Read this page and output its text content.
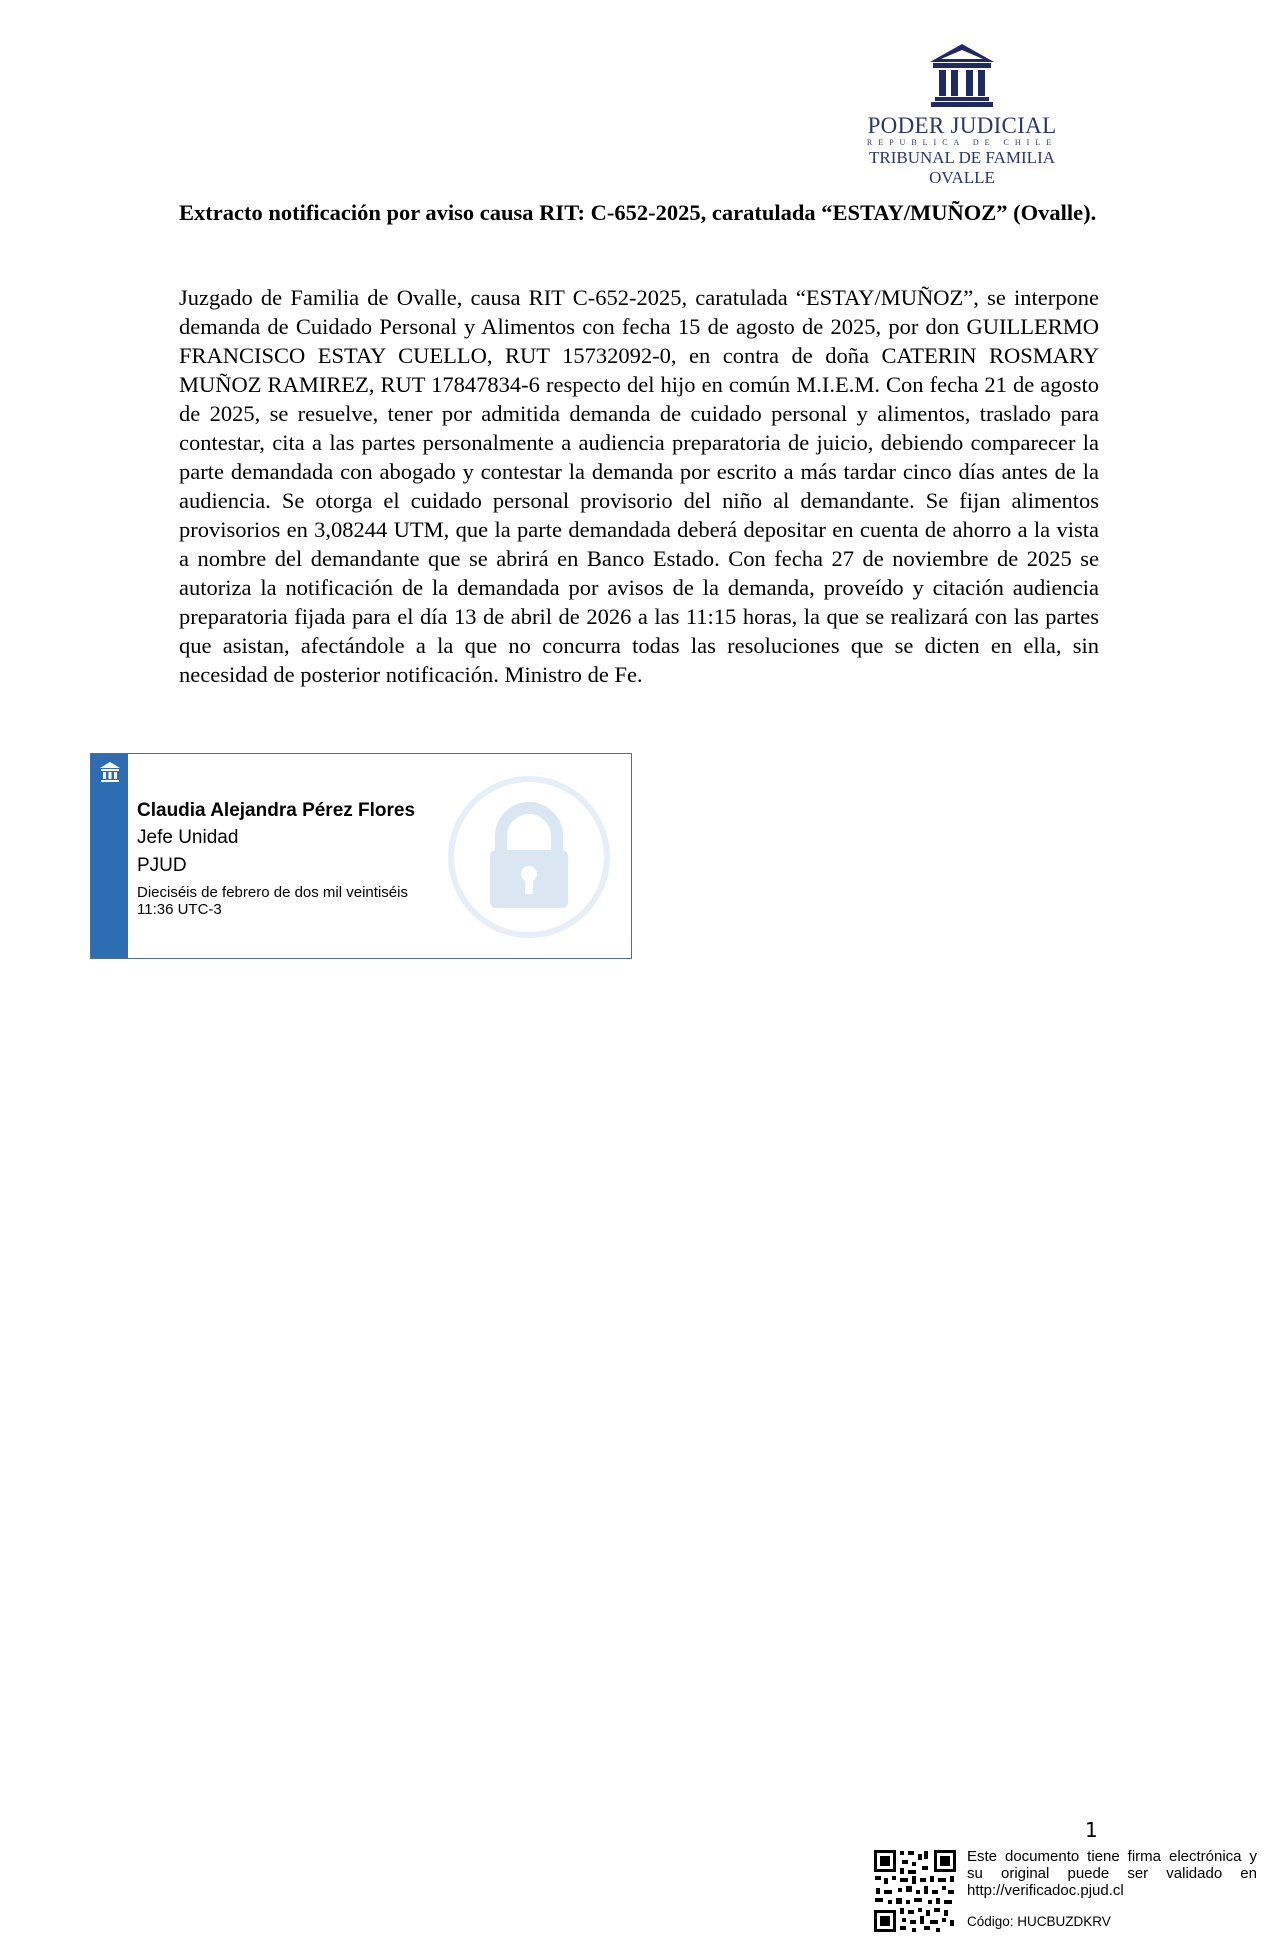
PODER JUDICIAL
REPUBLICA DE CHILE
TRIBUNAL DE FAMILIA
OVALLE

Extracto notificación por aviso causa RIT: C-652-2025, caratulada “ESTAY/MUÑOZ” (Ovalle).

Juzgado de Familia de Ovalle, causa RIT C-652-2025, caratulada “ESTAY/MUÑOZ”, se interpone demanda de Cuidado Personal y Alimentos con fecha 15 de agosto de 2025, por don GUILLERMO FRANCISCO ESTAY CUELLO, RUT 15732092-0, en contra de doña CATERIN ROSMARY MUÑOZ RAMIREZ, RUT 17847834-6 respecto del hijo en común M.I.E.M. Con fecha 21 de agosto de 2025, se resuelve, tener por admitida demanda de cuidado personal y alimentos, traslado para contestar, cita a las partes personalmente a audiencia preparatoria de juicio, debiendo comparecer la parte demandada con abogado y contestar la demanda por escrito a más tardar cinco días antes de la audiencia. Se otorga el cuidado personal provisorio del niño al demandante. Se fijan alimentos provisorios en 3,08244 UTM, que la parte demandada deberá depositar en cuenta de ahorro a la vista a nombre del demandante que se abrirá en Banco Estado. Con fecha 27 de noviembre de 2025 se autoriza la notificación de la demandada por avisos de la demanda, proveído y citación audiencia preparatoria fijada para el día 13 de abril de 2026 a las 11:15 horas, la que se realizará con las partes que asistan, afectándole a la que no concurra todas las resoluciones que se dicten en ella, sin necesidad de posterior notificación. Ministro de Fe.

Claudia Alejandra Pérez Flores
Jefe Unidad
PJUD
Dieciséis de febrero de dos mil veintiséis
11:36 UTC-3
1
Este documento tiene firma electrónica y su original puede ser validado en http://verificadoc.pjud.cl
Código: HUCBUZDKRV
